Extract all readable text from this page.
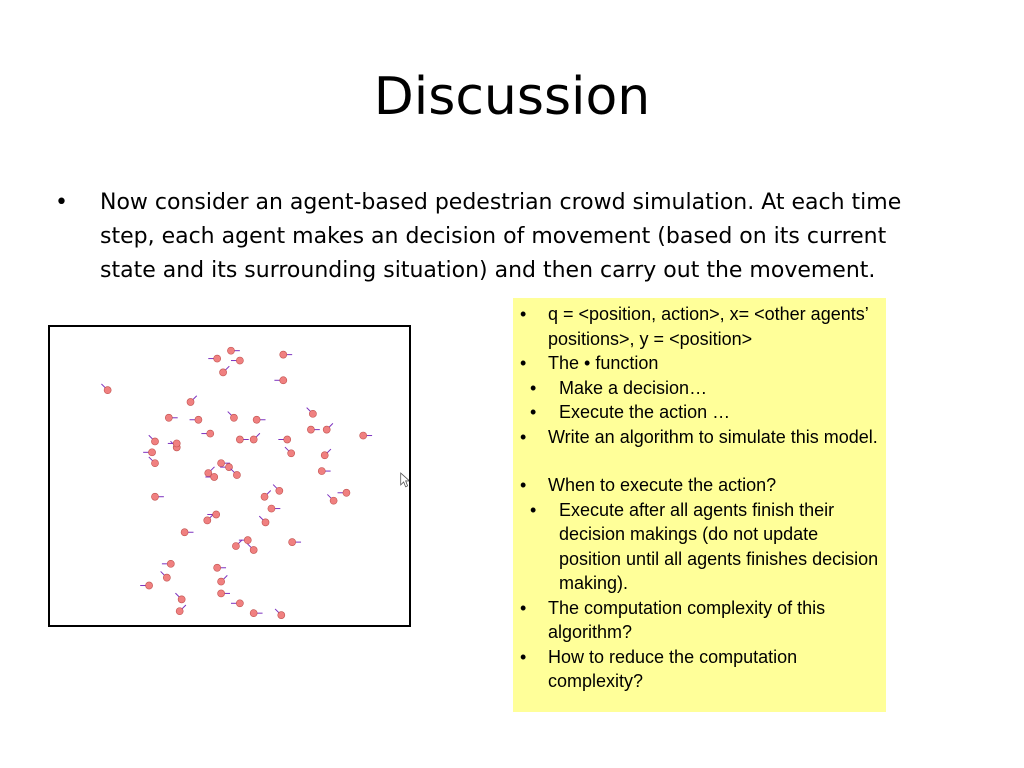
Discussion
• Now consider an agent-based pedestrian crowd simulation. At each time step, each agent makes an decision of movement (based on its current state and its surrounding situation) and then carry out the movement.
• q = <position, action>, x= <other agents’ positions>, y = <position>
• The • function
• Make a decision…
• Execute the action …
• Write an algorithm to simulate this model.
• When to execute the action?
• Execute after all agents finish their decision makings (do not update position until all agents finishes decision making).
• The computation complexity of this algorithm?
• How to reduce the computation complexity?
